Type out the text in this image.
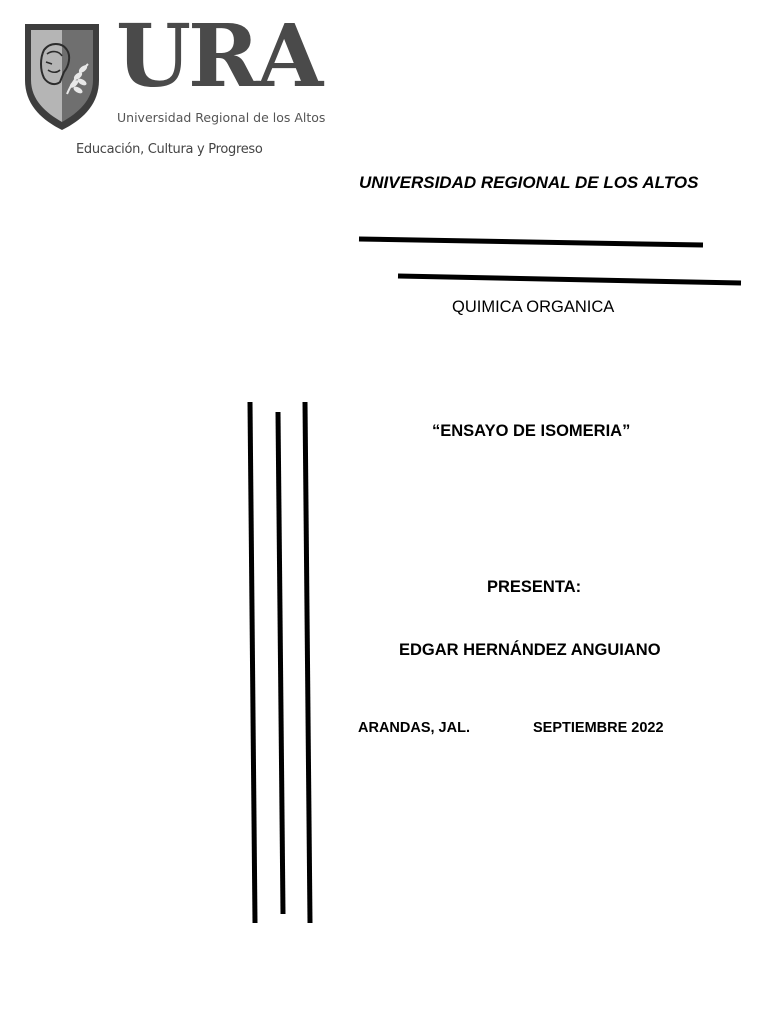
URA
Universidad Regional de los Altos
Educación, Cultura y Progreso
UNIVERSIDAD REGIONAL DE LOS ALTOS
QUIMICA ORGANICA
“ENSAYO DE ISOMERIA”
PRESENTA:
EDGAR HERNÁNDEZ ANGUIANO
ARANDAS, JAL.	SEPTIEMBRE 2022
